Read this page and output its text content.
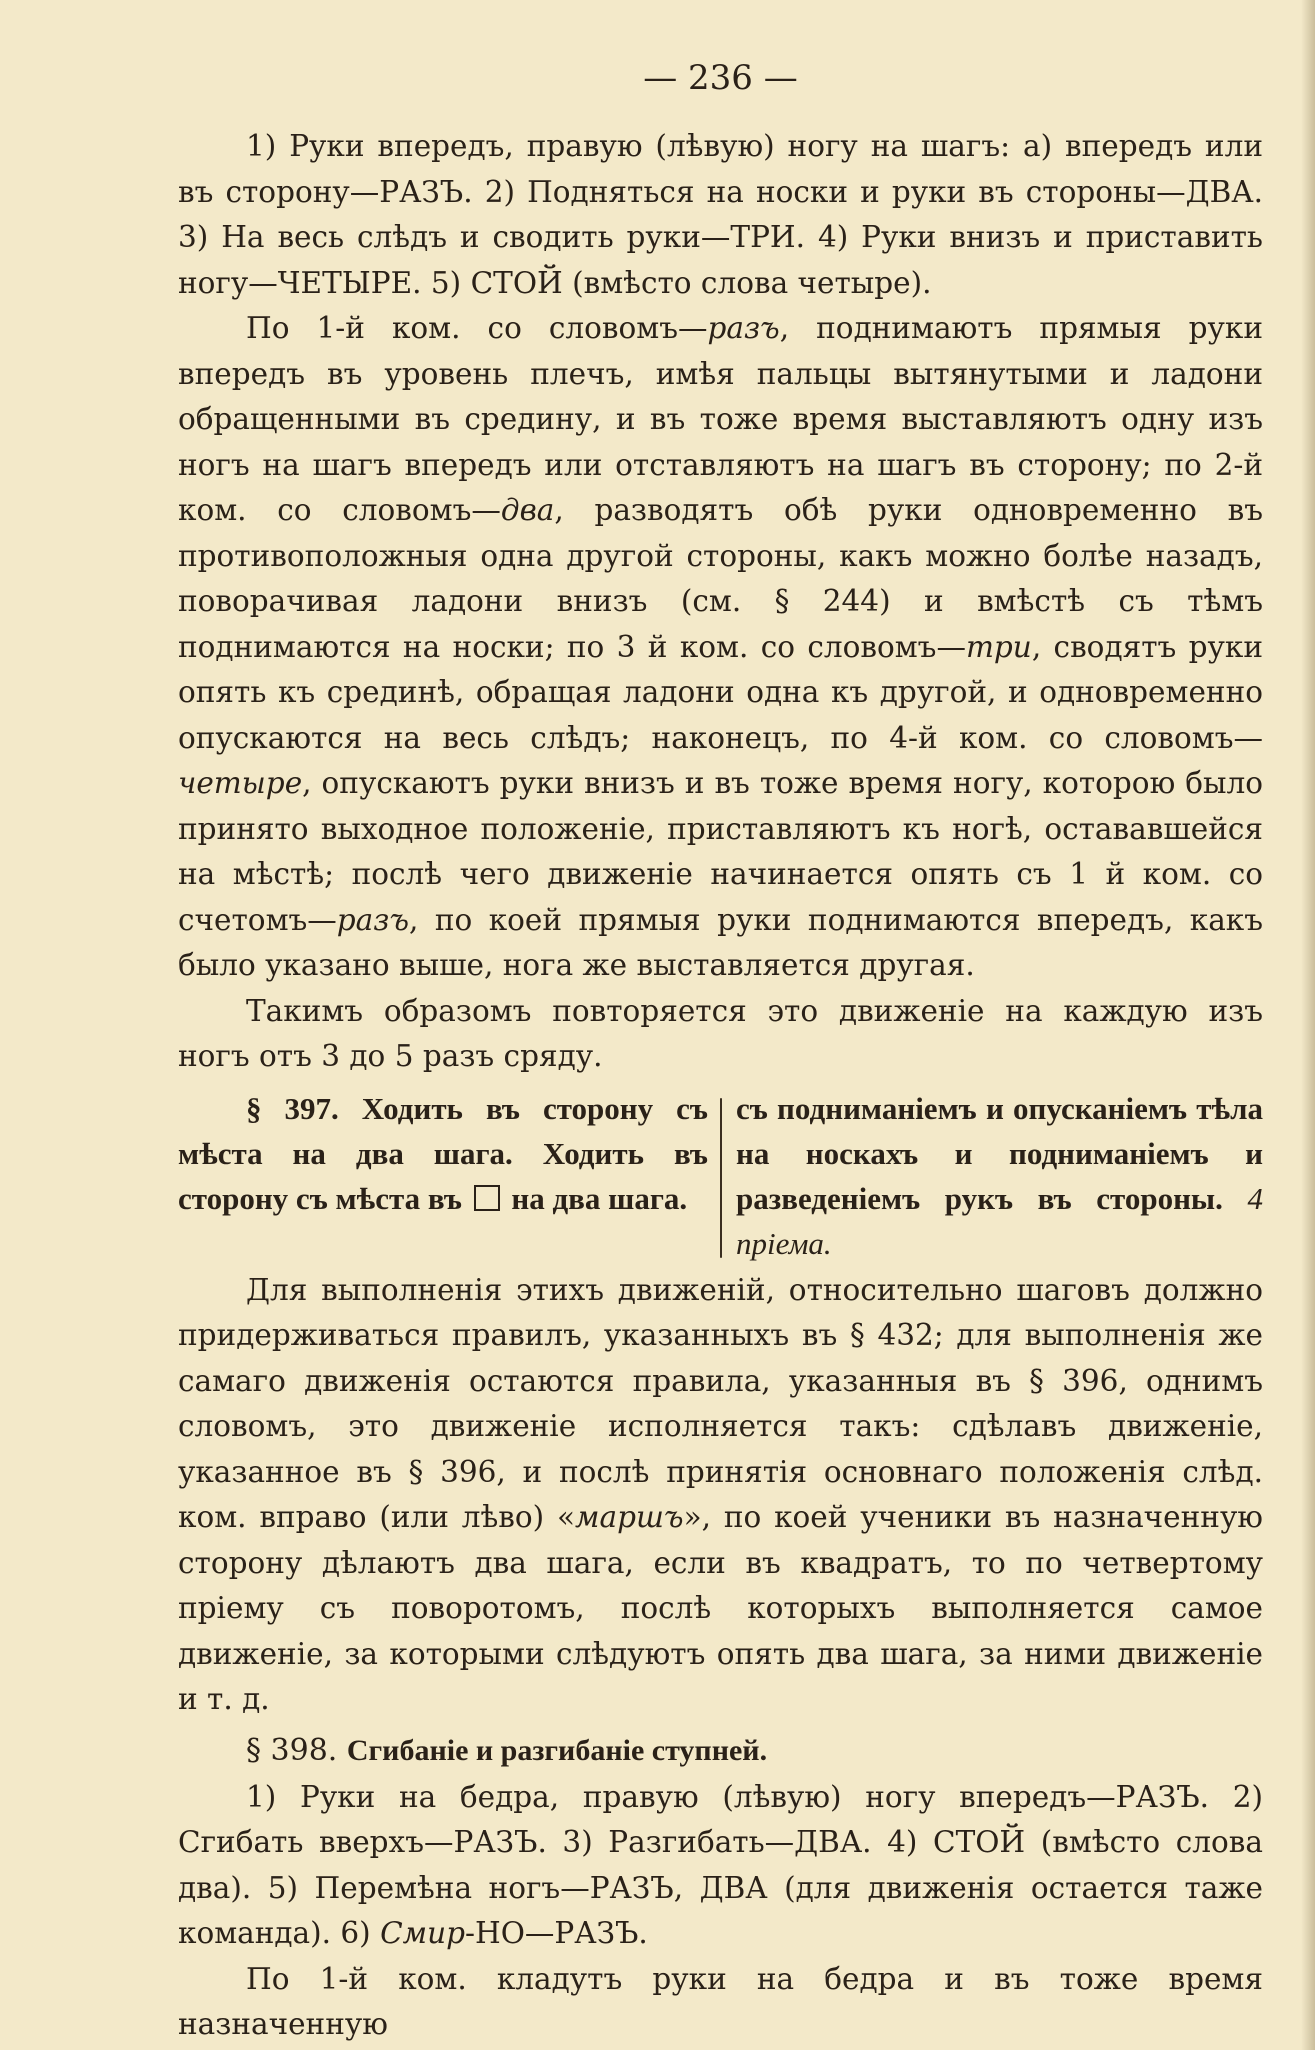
— 236 —

1) Руки впередъ, правую (лѣвую) ногу на шагъ: а) впередъ или въ сторону—РАЗЪ. 2) Подняться на носки и руки въ стороны—ДВА. 3) На весь слѣдъ и сводить руки—ТРИ. 4) Руки внизъ и приставить ногу—ЧЕТЫРЕ. 5) СТОЙ (вмѣсто слова четыре).

По 1-й ком. со словомъ—разъ, поднимаютъ прямыя руки впередъ въ уровень плечъ, имѣя пальцы вытянутыми и ладони обращенными въ средину, и въ тоже время выставляютъ одну изъ ногъ на шагъ впередъ или отставляютъ на шагъ въ сторону; по 2-й ком. со словомъ—два, разводятъ обѣ руки одновременно въ противоположныя одна другой стороны, какъ можно болѣе назадъ, поворачивая ладони внизъ (см. § 244) и вмѣстѣ съ тѣмъ поднимаются на носки; по 3 й ком. со словомъ—три, сводятъ руки опять къ срединѣ, обращая ладони одна къ другой, и одновременно опускаются на весь слѣдъ; наконецъ, по 4-й ком. со словомъ—четыре, опускаютъ руки внизъ и въ тоже время ногу, которою было принято выходное положеніе, приставляютъ къ ногѣ, остававшейся на мѣстѣ; послѣ чего движеніе начинается опять съ 1 й ком. со счетомъ—разъ, по коей прямыя руки поднимаются впередъ, какъ было указано выше, нога же выставляется другая.

Такимъ образомъ повторяется это движеніе на каждую изъ ногъ отъ 3 до 5 разъ сряду.

§ 397. Ходить въ сторону съ мѣста на два шага. Ходить въ сторону съ мѣста въ на два шага.
съ подниманіемъ и опусканіемъ тѣла на носкахъ и подниманіемъ и разведеніемъ рукъ въ стороны. 4 пріема.

Для выполненія этихъ движеній, относительно шаговъ должно придерживаться правилъ, указанныхъ въ § 432; для выполненія же самаго движенія остаются правила, указанныя въ § 396, однимъ словомъ, это движеніе исполняется такъ: сдѣлавъ движеніе, указанное въ § 396, и послѣ принятія основнаго положенія слѣд. ком. вправо (или лѣво) «маршъ», по коей ученики въ назначенную сторону дѣлаютъ два шага, если въ квадратъ, то по четвертому пріему съ поворотомъ, послѣ которыхъ выполняется самое движеніе, за которыми слѣдуютъ опять два шага, за ними движеніе и т. д.

§ 398. Сгибаніе и разгибаніе ступней.

1) Руки на бедра, правую (лѣвую) ногу впередъ—РАЗЪ. 2) Сгибать вверхъ—РАЗЪ. 3) Разгибать—ДВА. 4) СТОЙ (вмѣсто слова два). 5) Перемѣна ногъ—РАЗЪ, ДВА (для движенія остается таже команда). 6) Смир-НО—РАЗЪ.

По 1-й ком. кладутъ руки на бедра и въ тоже время назначенную
